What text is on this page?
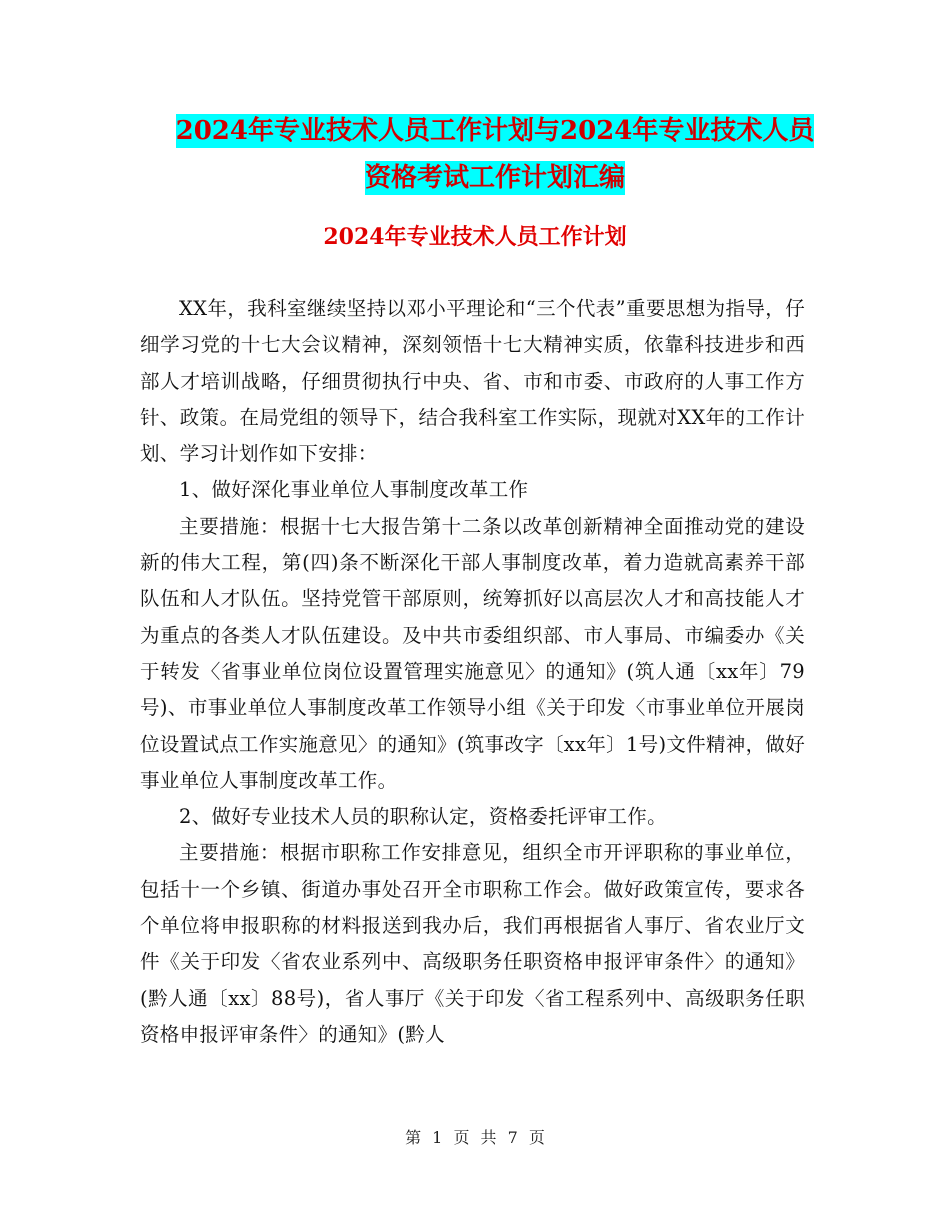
2024年专业技术人员工作计划与2024年专业技术人员
资格考试工作计划汇编
2024年专业技术人员工作计划

XX年，我科室继续坚持以邓小平理论和“三个代表”重要思想为指导，仔细学习党的十七大会议精神，深刻领悟十七大精神实质，依靠科技进步和西部人才培训战略，仔细贯彻执行中央、省、市和市委、市政府的人事工作方针、政策。在局党组的领导下，结合我科室工作实际，现就对XX年的工作计划、学习计划作如下安排：

1、做好深化事业单位人事制度改革工作

主要措施：根据十七大报告第十二条以改革创新精神全面推动党的建设新的伟大工程，第(四)条不断深化干部人事制度改革，着力造就高素养干部队伍和人才队伍。坚持党管干部原则，统筹抓好以高层次人才和高技能人才为重点的各类人才队伍建设。及中共市委组织部、市人事局、市编委办《关于转发〈省事业单位岗位设置管理实施意见〉的通知》(筑人通〔xx年〕79号)、市事业单位人事制度改革工作领导小组《关于印发〈市事业单位开展岗位设置试点工作实施意见〉的通知》(筑事改字〔xx年〕1号)文件精神，做好事业单位人事制度改革工作。

2、做好专业技术人员的职称认定，资格委托评审工作。

主要措施：根据市职称工作安排意见，组织全市开评职称的事业单位，包括十一个乡镇、街道办事处召开全市职称工作会。做好政策宣传，要求各个单位将申报职称的材料报送到我办后，我们再根据省人事厅、省农业厅文件《关于印发〈省农业系列中、高级职务任职资格申报评审条件〉的通知》(黔人通〔xx〕88号)，省人事厅《关于印发〈省工程系列中、高级职务任职资格申报评审条件〉的通知》(黔人

第 1 页 共 7 页
